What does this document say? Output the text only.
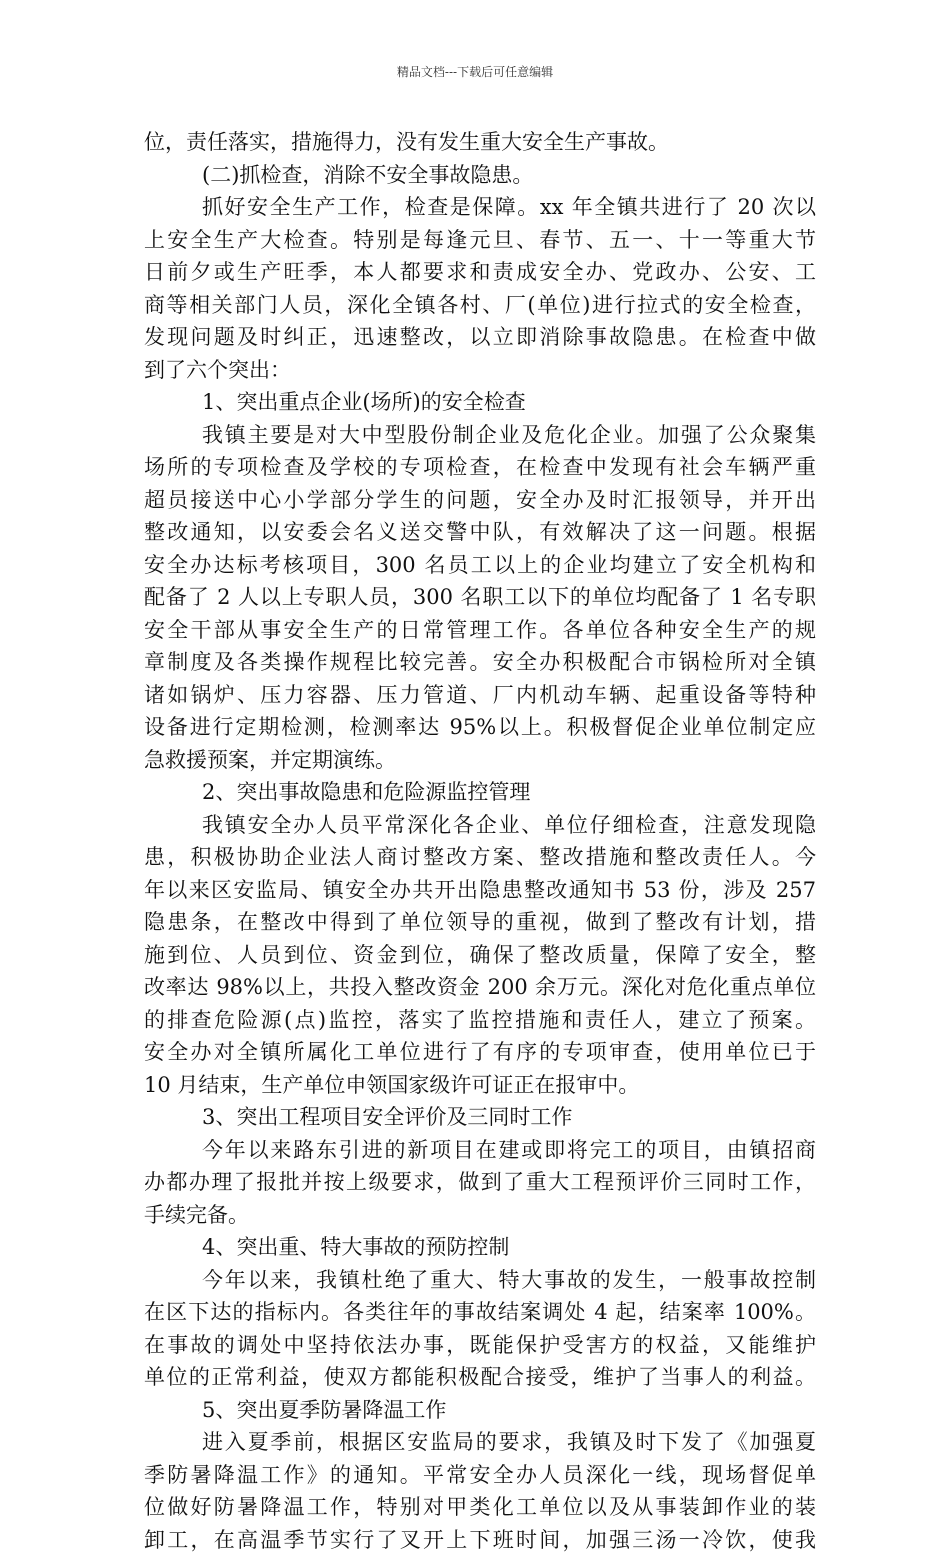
精品文档---下载后可任意编辑
位，责任落实，措施得力，没有发生重大安全生产事故。
(二)抓检查，消除不安全事故隐患。
抓好安全生产工作，检查是保障。xx 年全镇共进行了 20 次以
上安全生产大检查。特别是每逢元旦、春节、五一、十一等重大节
日前夕或生产旺季，本人都要求和责成安全办、党政办、公安、工
商等相关部门人员，深化全镇各村、厂(单位)进行拉式的安全检查，
发现问题及时纠正，迅速整改，以立即消除事故隐患。在检查中做
到了六个突出：
1、突出重点企业(场所)的安全检查
我镇主要是对大中型股份制企业及危化企业。加强了公众聚集
场所的专项检查及学校的专项检查，在检查中发现有社会车辆严重
超员接送中心小学部分学生的问题，安全办及时汇报领导，并开出
整改通知，以安委会名义送交警中队，有效解决了这一问题。根据
安全办达标考核项目，300 名员工以上的企业均建立了安全机构和
配备了 2 人以上专职人员，300 名职工以下的单位均配备了 1 名专职
安全干部从事安全生产的日常管理工作。各单位各种安全生产的规
章制度及各类操作规程比较完善。安全办积极配合市锅检所对全镇
诸如锅炉、压力容器、压力管道、厂内机动车辆、起重设备等特种
设备进行定期检测，检测率达 95%以上。积极督促企业单位制定应
急救援预案，并定期演练。
2、突出事故隐患和危险源监控管理
我镇安全办人员平常深化各企业、单位仔细检查，注意发现隐
患，积极协助企业法人商讨整改方案、整改措施和整改责任人。今
年以来区安监局、镇安全办共开出隐患整改通知书 53 份，涉及 257
隐患条，在整改中得到了单位领导的重视，做到了整改有计划，措
施到位、人员到位、资金到位，确保了整改质量，保障了安全，整
改率达 98%以上，共投入整改资金 200 余万元。深化对危化重点单位
的排查危险源(点)监控，落实了监控措施和责任人，建立了预案。
安全办对全镇所属化工单位进行了有序的专项审查，使用单位已于
10 月结束，生产单位申领国家级许可证正在报审中。
3、突出工程项目安全评价及三同时工作
今年以来路东引进的新项目在建或即将完工的项目，由镇招商
办都办理了报批并按上级要求，做到了重大工程预评价三同时工作，
手续完备。
4、突出重、特大事故的预防控制
今年以来，我镇杜绝了重大、特大事故的发生，一般事故控制
在区下达的指标内。各类往年的事故结案调处 4 起，结案率 100%。
在事故的调处中坚持依法办事，既能保护受害方的权益，又能维护
单位的正常利益，使双方都能积极配合接受，维护了当事人的利益。
5、突出夏季防暑降温工作
进入夏季前，根据区安监局的要求，我镇及时下发了《加强夏
季防暑降温工作》的通知。平常安全办人员深化一线，现场督促单
位做好防暑降温工作，特别对甲类化工单位以及从事装卸作业的装
卸工，在高温季节实行了叉开上下班时间，加强三汤一冷饮，使我
